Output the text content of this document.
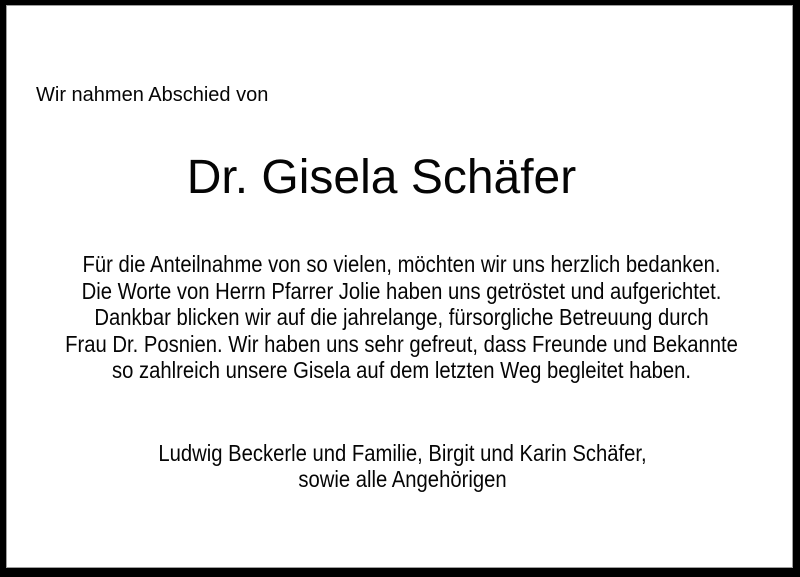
Wir nahmen Abschied von
Dr. Gisela Schäfer
Für die Anteilnahme von so vielen, möchten wir uns herzlich bedanken.
Die Worte von Herrn Pfarrer Jolie haben uns getröstet und aufgerichtet.
Dankbar blicken wir auf die jahrelange, fürsorgliche Betreuung durch
Frau Dr. Posnien. Wir haben uns sehr gefreut, dass Freunde und Bekannte
so zahlreich unsere Gisela auf dem letzten Weg begleitet haben.
Ludwig Beckerle und Familie, Birgit und Karin Schäfer,
sowie alle Angehörigen
